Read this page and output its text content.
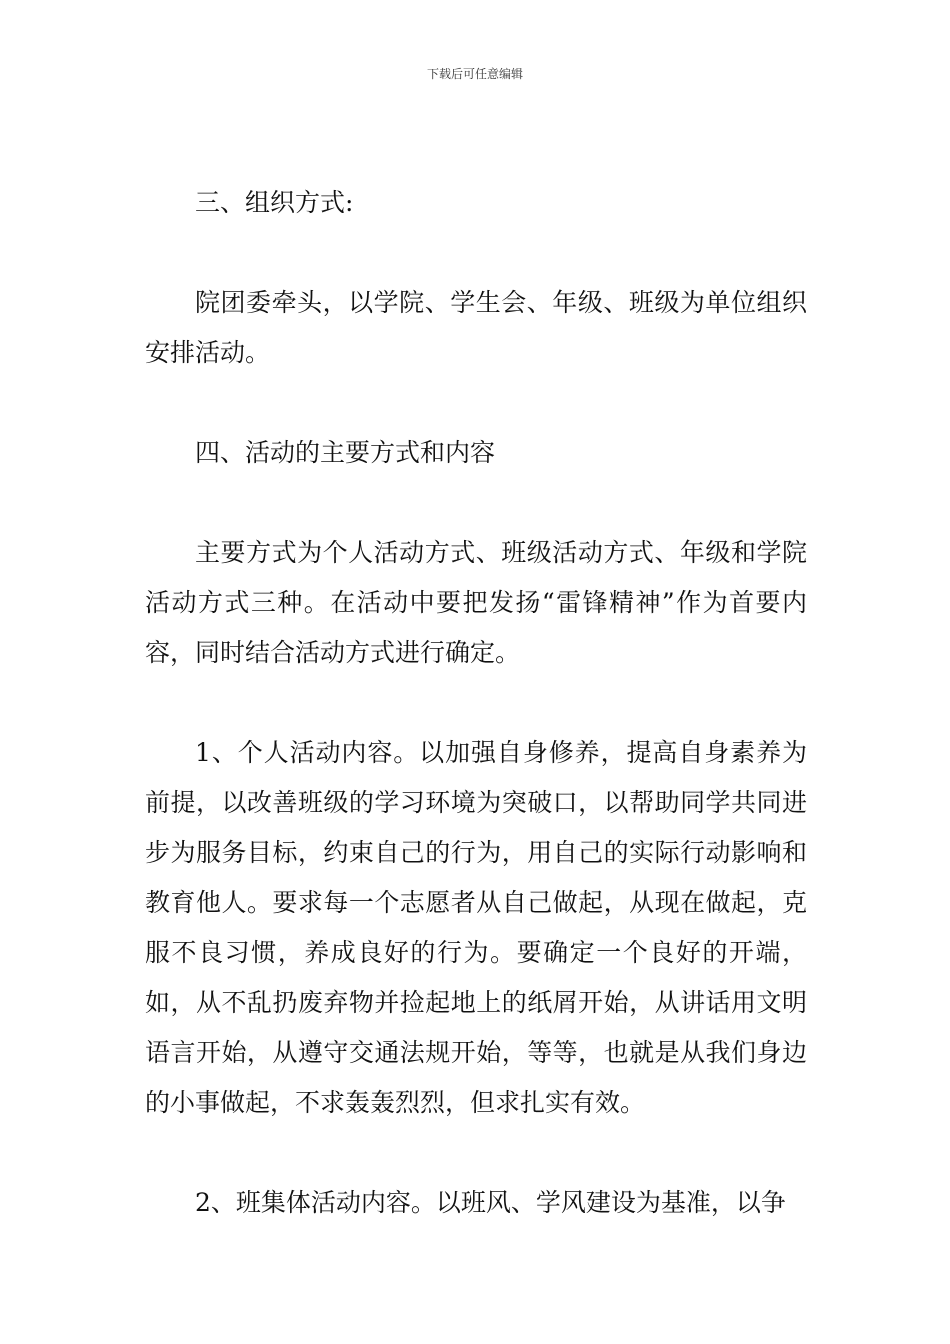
下载后可任意编辑

三、组织方式:

院团委牵头，以学院、学生会、年级、班级为单位组织安排活动。

四、活动的主要方式和内容

主要方式为个人活动方式、班级活动方式、年级和学院活动方式三种。在活动中要把发扬“雷锋精神”作为首要内容，同时结合活动方式进行确定。

1、个人活动内容。以加强自身修养，提高自身素养为前提，以改善班级的学习环境为突破口，以帮助同学共同进步为服务目标，约束自己的行为，用自己的实际行动影响和教育他人。要求每一个志愿者从自己做起，从现在做起，克服不良习惯，养成良好的行为。要确定一个良好的开端，如，从不乱扔废弃物并捡起地上的纸屑开始，从讲话用文明语言开始，从遵守交通法规开始，等等，也就是从我们身边的小事做起，不求轰轰烈烈，但求扎实有效。

2、班集体活动内容。以班风、学风建设为基准，以争
